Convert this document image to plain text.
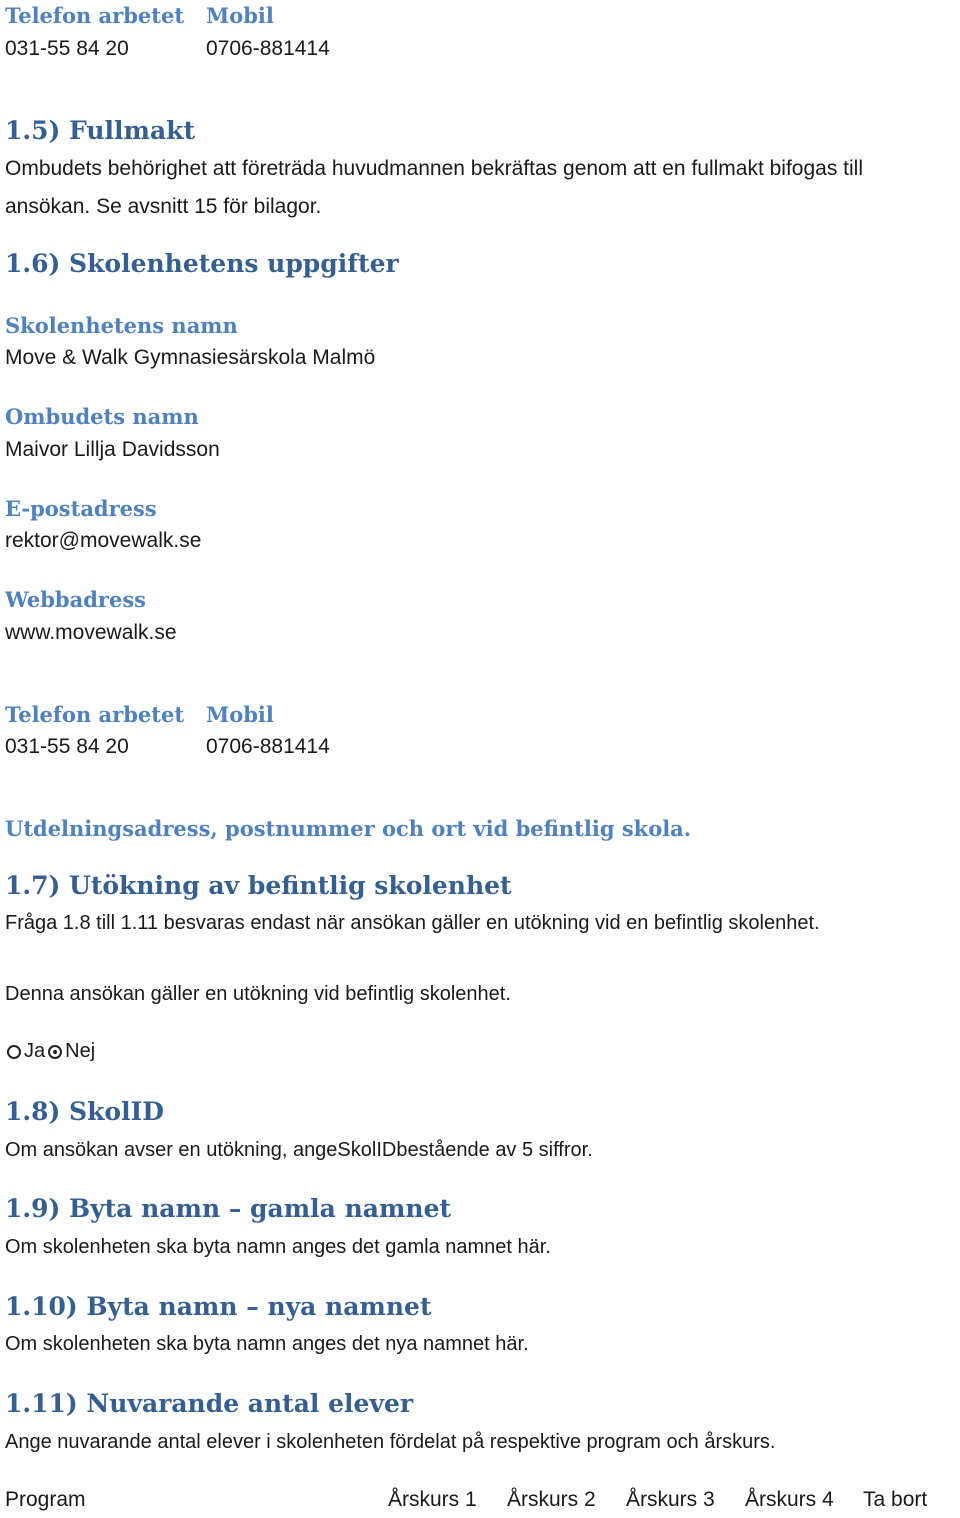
Telefon arbetet Mobil
031-55 84 20	0706-881414
1.5) Fullmakt
Ombudets behörighet att företräda huvudmannen bekräftas genom att en fullmakt bifogas till
ansökan. Se avsnitt 15 för bilagor.
1.6) Skolenhetens uppgifter
Skolenhetens namn
Move & Walk Gymnasiesärskola Malmö
Ombudets namn
Maivor Lillja Davidsson
E-postadress
rektor@movewalk.se
Webbadress
www.movewalk.se
Telefon arbetet Mobil
031-55 84 20	0706-881414
Utdelningsadress, postnummer och ort vid befintlig skola.
1.7) Utökning av befintlig skolenhet
Fråga 1.8 till 1.11 besvaras endast när ansökan gäller en utökning vid en befintlig skolenhet.
Denna ansökan gäller en utökning vid befintlig skolenhet.
Ja Nej
1.8) SkolID
Om ansökan avser en utökning, angeSkolIDbestående av 5 siffror.
1.9) Byta namn – gamla namnet
Om skolenheten ska byta namn anges det gamla namnet här.
1.10) Byta namn – nya namnet
Om skolenheten ska byta namn anges det nya namnet här.
1.11) Nuvarande antal elever
Ange nuvarande antal elever i skolenheten fördelat på respektive program och årskurs.
Program	Årskurs 1 Årskurs 2 Årskurs 3 Årskurs 4 Ta bort
